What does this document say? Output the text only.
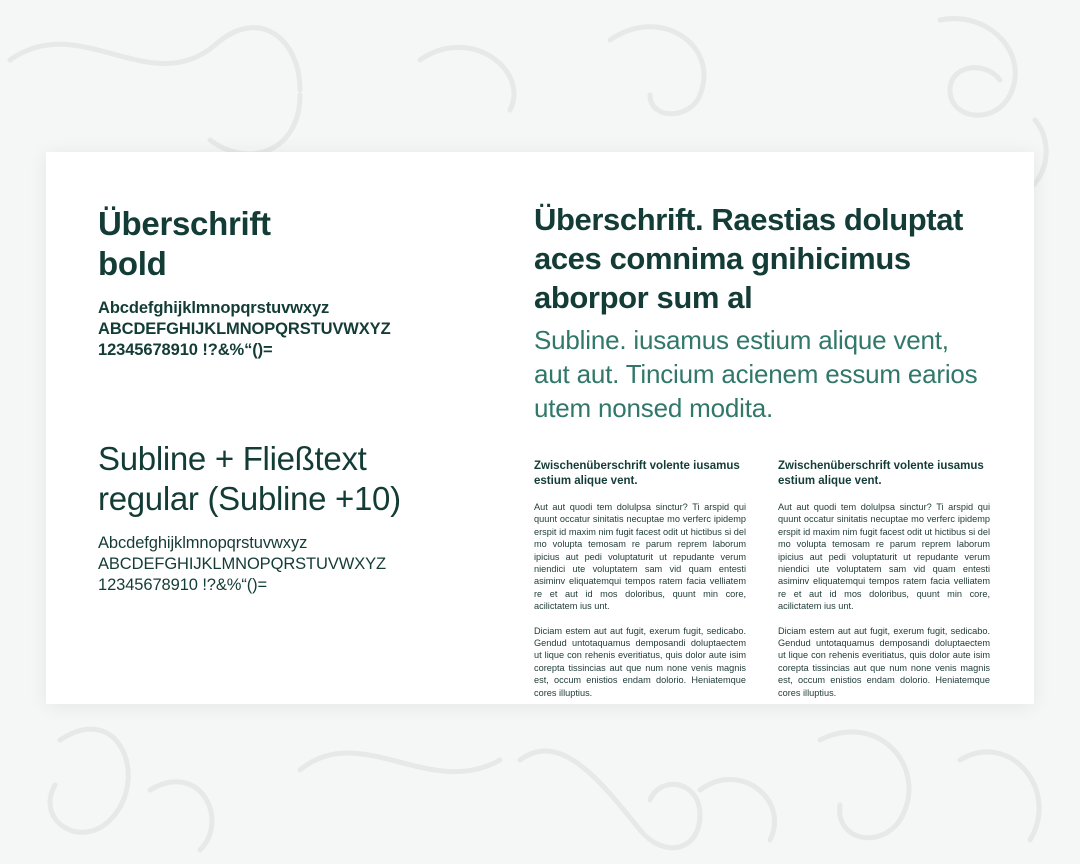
Überschrift
bold
Abcdefghijklmnopqrstuvwxyz
ABCDEFGHIJKLMNOPQRSTUVWXYZ
12345678910 !?&%“()=
Subline + Fließtext
regular (Subline +10)
Abcdefghijklmnopqrstuvwxyz
ABCDEFGHIJKLMNOPQRSTUVWXYZ
12345678910 !?&%“()=
Überschrift. Raestias doluptat aces comnima gnihicimus aborpor sum al

Subline. iusamus estium alique vent, aut aut. Tincium acienem essum earios utem nonsed modita.

Zwischenüberschrift volente iusamus estium alique vent.

Aut aut quodi tem dolulpsa sinctur? Ti arspid qui quunt occatur sinitatis necuptae mo verferc ipidemp erspit id maxim nim fugit facest odit ut hictibus si del mo volupta temosam re parum reprem laborum ipicius aut pedi voluptaturit ut repudante verum niendici ute voluptatem sam vid quam entesti asiminv eliquatemqui tempos ratem facia velliatem re et aut id mos doloribus, quunt min core, acilictatem ius unt.

Diciam estem aut aut fugit, exerum fugit, sedicabo. Gendud untotaquamus demposandi doluptaectem ut lique con rehenis everitiatus, quis dolor aute isim corepta tissincias aut que num none venis magnis est, occum enistios endam dolorio. Heniatemque cores illuptius.

Zwischenüberschrift volente iusamus estium alique vent.

Aut aut quodi tem dolulpsa sinctur? Ti arspid qui quunt occatur sinitatis necuptae mo verferc ipidemp erspit id maxim nim fugit facest odit ut hictibus si del mo volupta temosam re parum reprem laborum ipicius aut pedi voluptaturit ut repudante verum niendici ute voluptatem sam vid quam entesti asiminv eliquatemqui tempos ratem facia velliatem re et aut id mos doloribus, quunt min core, acilictatem ius unt.

Diciam estem aut aut fugit, exerum fugit, sedicabo. Gendud untotaquamus demposandi doluptaectem ut lique con rehenis everitiatus, quis dolor aute isim corepta tissincias aut que num none venis magnis est, occum enistios endam dolorio. Heniatemque cores illuptius.
